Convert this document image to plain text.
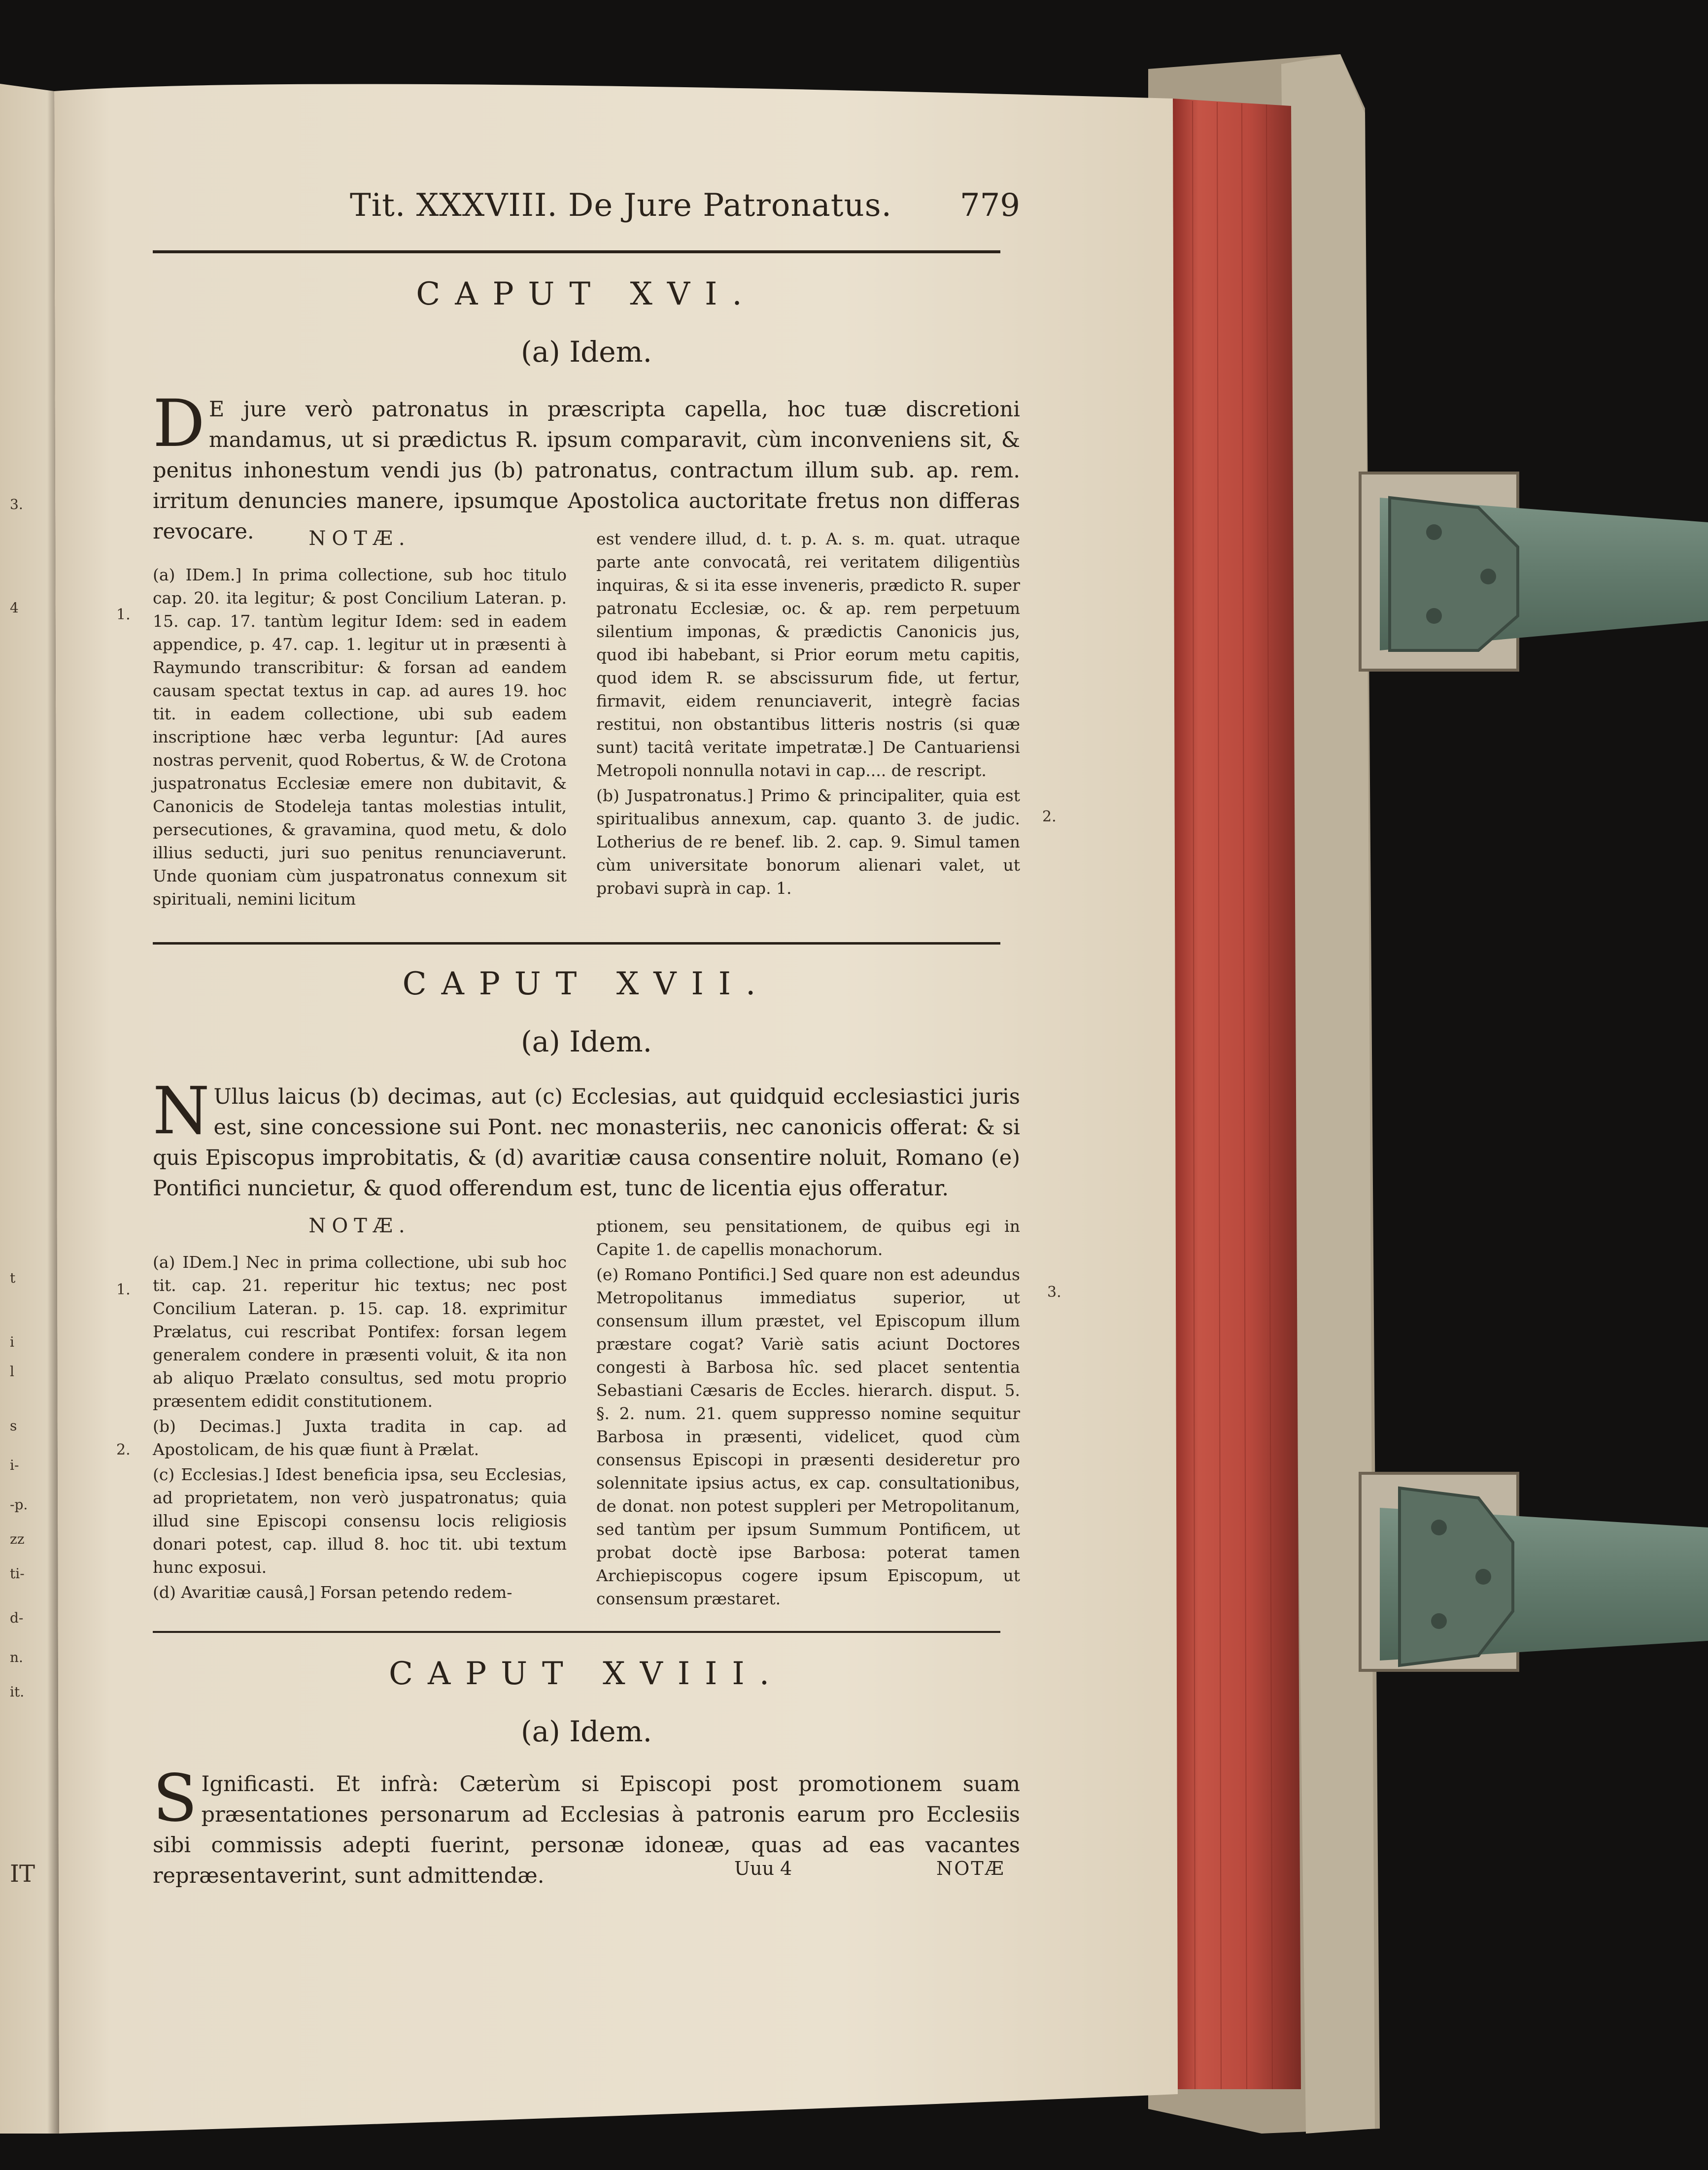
3.
4
t
i
l
s
i-
-p.
zz
ti-
d-
n.
it.
IT
Tit. XXXVIII. De Jure Patronatus. 779
CAPUT XVI.
(a) Idem.

D E jure verò patronatus in præscripta capella, hoc tuæ discretioni mandamus, ut si prædictus R. ipsum comparavit, cùm inconveniens sit, & penitus inhonestum vendi jus (b) patronatus, contractum illum sub. ap. rem. irritum denuncies manere, ipsumque Apostolica auctoritate fretus non differas revocare.	NOTÆ.

(a) IDem.] In prima collectione, sub hoc titulo cap. 20. ita legitur; & post Concilium Lateran. p. 15. cap. 17. tantùm legitur Idem: sed in eadem appendice, p. 47. cap. 1. legitur ut in præsenti à Raymundo transcribitur: & forsan ad eandem causam spectat textus in cap. ad aures 19. hoc tit. in eadem collectione, ubi sub eadem inscriptione hæc verba leguntur: [Ad aures nostras pervenit, quod Robertus, & W. de Crotona juspatronatus Ecclesiæ emere non dubitavit, & Canonicis de Stodeleja tantas molestias intulit, persecutiones, & gravamina, quod metu, & dolo illius seducti, juri suo penitus renunciaverunt. Unde quoniam cùm juspatronatus connexum sit spirituali, nemini licitum

est vendere illud, d. t. p. A. s. m. quat. utraque parte ante convocatâ, rei veritatem diligentiùs inquiras, & si ita esse inveneris, prædicto R. super patronatu Ecclesiæ, oc. & ap. rem perpetuum silentium imponas, & prædictis Canonicis jus, quod ibi habebant, si Prior eorum metu capitis, quod idem R. se abscissurum fide, ut fertur, firmavit, eidem renunciaverit, integrè facias restitui, non obstantibus litteris nostris (si quæ sunt) tacitâ veritate impetratæ.] De Cantuariensi Metropoli nonnulla notavi in cap.... de rescript.

(b) Juspatronatus.] Primo & principaliter, quia est spiritualibus annexum, cap. quanto 3. de judic. Lotherius de re benef. lib. 2. cap. 9. Simul tamen cùm universitate bonorum alienari valet, ut probavi suprà in cap. 1.

CAPUT XVII.
(a) Idem.

N Ullus laicus (b) decimas, aut (c) Ecclesias, aut quidquid ecclesiastici juris est, sine concessione sui Pont. nec monasteriis, nec canonicis offerat: & si quis Episcopus improbitatis, & (d) avaritiæ causa consentire noluit, Romano (e) Pontifici nuncietur, & quod offerendum est, tunc de licentia ejus offeratur.

NOTÆ.

(a) IDem.] Nec in prima collectione, ubi sub hoc tit. cap. 21. reperitur hic textus; nec post Concilium Lateran. p. 15. cap. 18. exprimitur Prælatus, cui rescribat Pontifex: forsan legem generalem condere in præsenti voluit, & ita non ab aliquo Prælato consultus, sed motu proprio præsentem edidit constitutionem.

(b) Decimas.] Juxta tradita in cap. ad Apostolicam, de his quæ fiunt à Prælat.

(c) Ecclesias.] Idest beneficia ipsa, seu Ecclesias, ad proprietatem, non verò juspatronatus; quia illud sine Episcopi consensu locis religiosis donari potest, cap. illud 8. hoc tit. ubi textum hunc exposui.

(d) Avaritiæ causâ,] Forsan petendo redem-

ptionem, seu pensitationem, de quibus egi in Capite 1. de capellis monachorum.

(e) Romano Pontifici.] Sed quare non est adeundus Metropolitanus immediatus superior, ut consensum illum præstet, vel Episcopum illum præstare cogat? Variè satis aciunt Doctores congesti à Barbosa hîc. sed placet sententia Sebastiani Cæsaris de Eccles. hierarch. disput. 5. §. 2. num. 21. quem suppresso nomine sequitur Barbosa in præsenti, videlicet, quod cùm consensus Episcopi in præsenti desideretur pro solennitate ipsius actus, ex cap. consultationibus, de donat. non potest suppleri per Metropolitanum, sed tantùm per ipsum Summum Pontificem, ut probat doctè ipse Barbosa: poterat tamen Archiepiscopus cogere ipsum Episcopum, ut consensum præstaret.

CAPUT XVIII.
(a) Idem.

S Ignificasti. Et infrà: Cæterùm si Episcopi post promotionem suam præsentationes personarum ad Ecclesias à patronis earum pro Ecclesiis sibi commissis adepti fuerint, personæ idoneæ, quas ad eas vacantes repræsentaverint, sunt admittendæ.	Uuu 4	NOTÆ
1.
1.
2.
2.
3.
